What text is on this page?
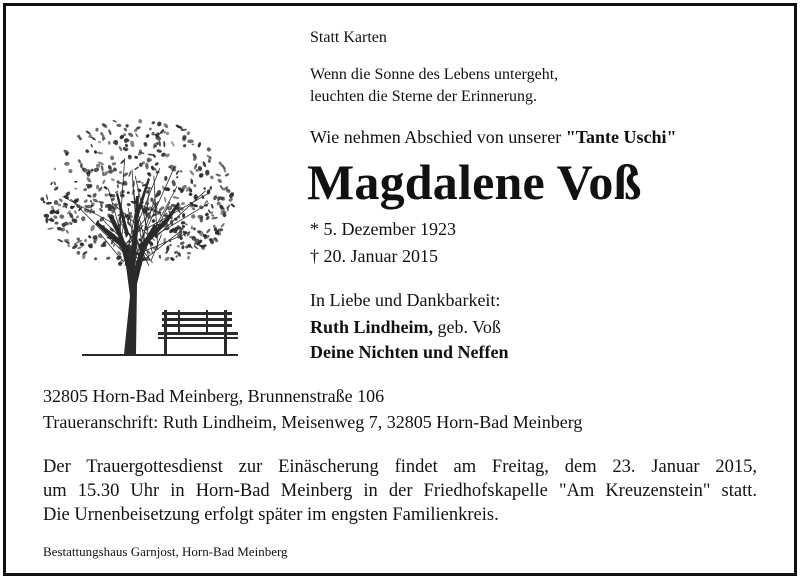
Statt Karten
Wenn die Sonne des Lebens untergeht,
leuchten die Sterne der Erinnerung.
Wie nehmen Abschied von unserer "Tante Uschi"
Magdalene Voß
* 5. Dezember 1923
† 20. Januar 2015
In Liebe und Dankbarkeit:
Ruth Lindheim, geb. Voß
Deine Nichten und Neffen
32805 Horn-Bad Meinberg, Brunnenstraße 106
Traueranschrift: Ruth Lindheim, Meisenweg 7, 32805 Horn-Bad Meinberg
Der Trauergottesdienst zur Einäscherung findet am Freitag, dem 23. Januar 2015,
um 15.30 Uhr in Horn-Bad Meinberg in der Friedhofskapelle "Am Kreuzenstein" statt.
Die Urnenbeisetzung erfolgt später im engsten Familienkreis.
Bestattungshaus Garnjost, Horn-Bad Meinberg
